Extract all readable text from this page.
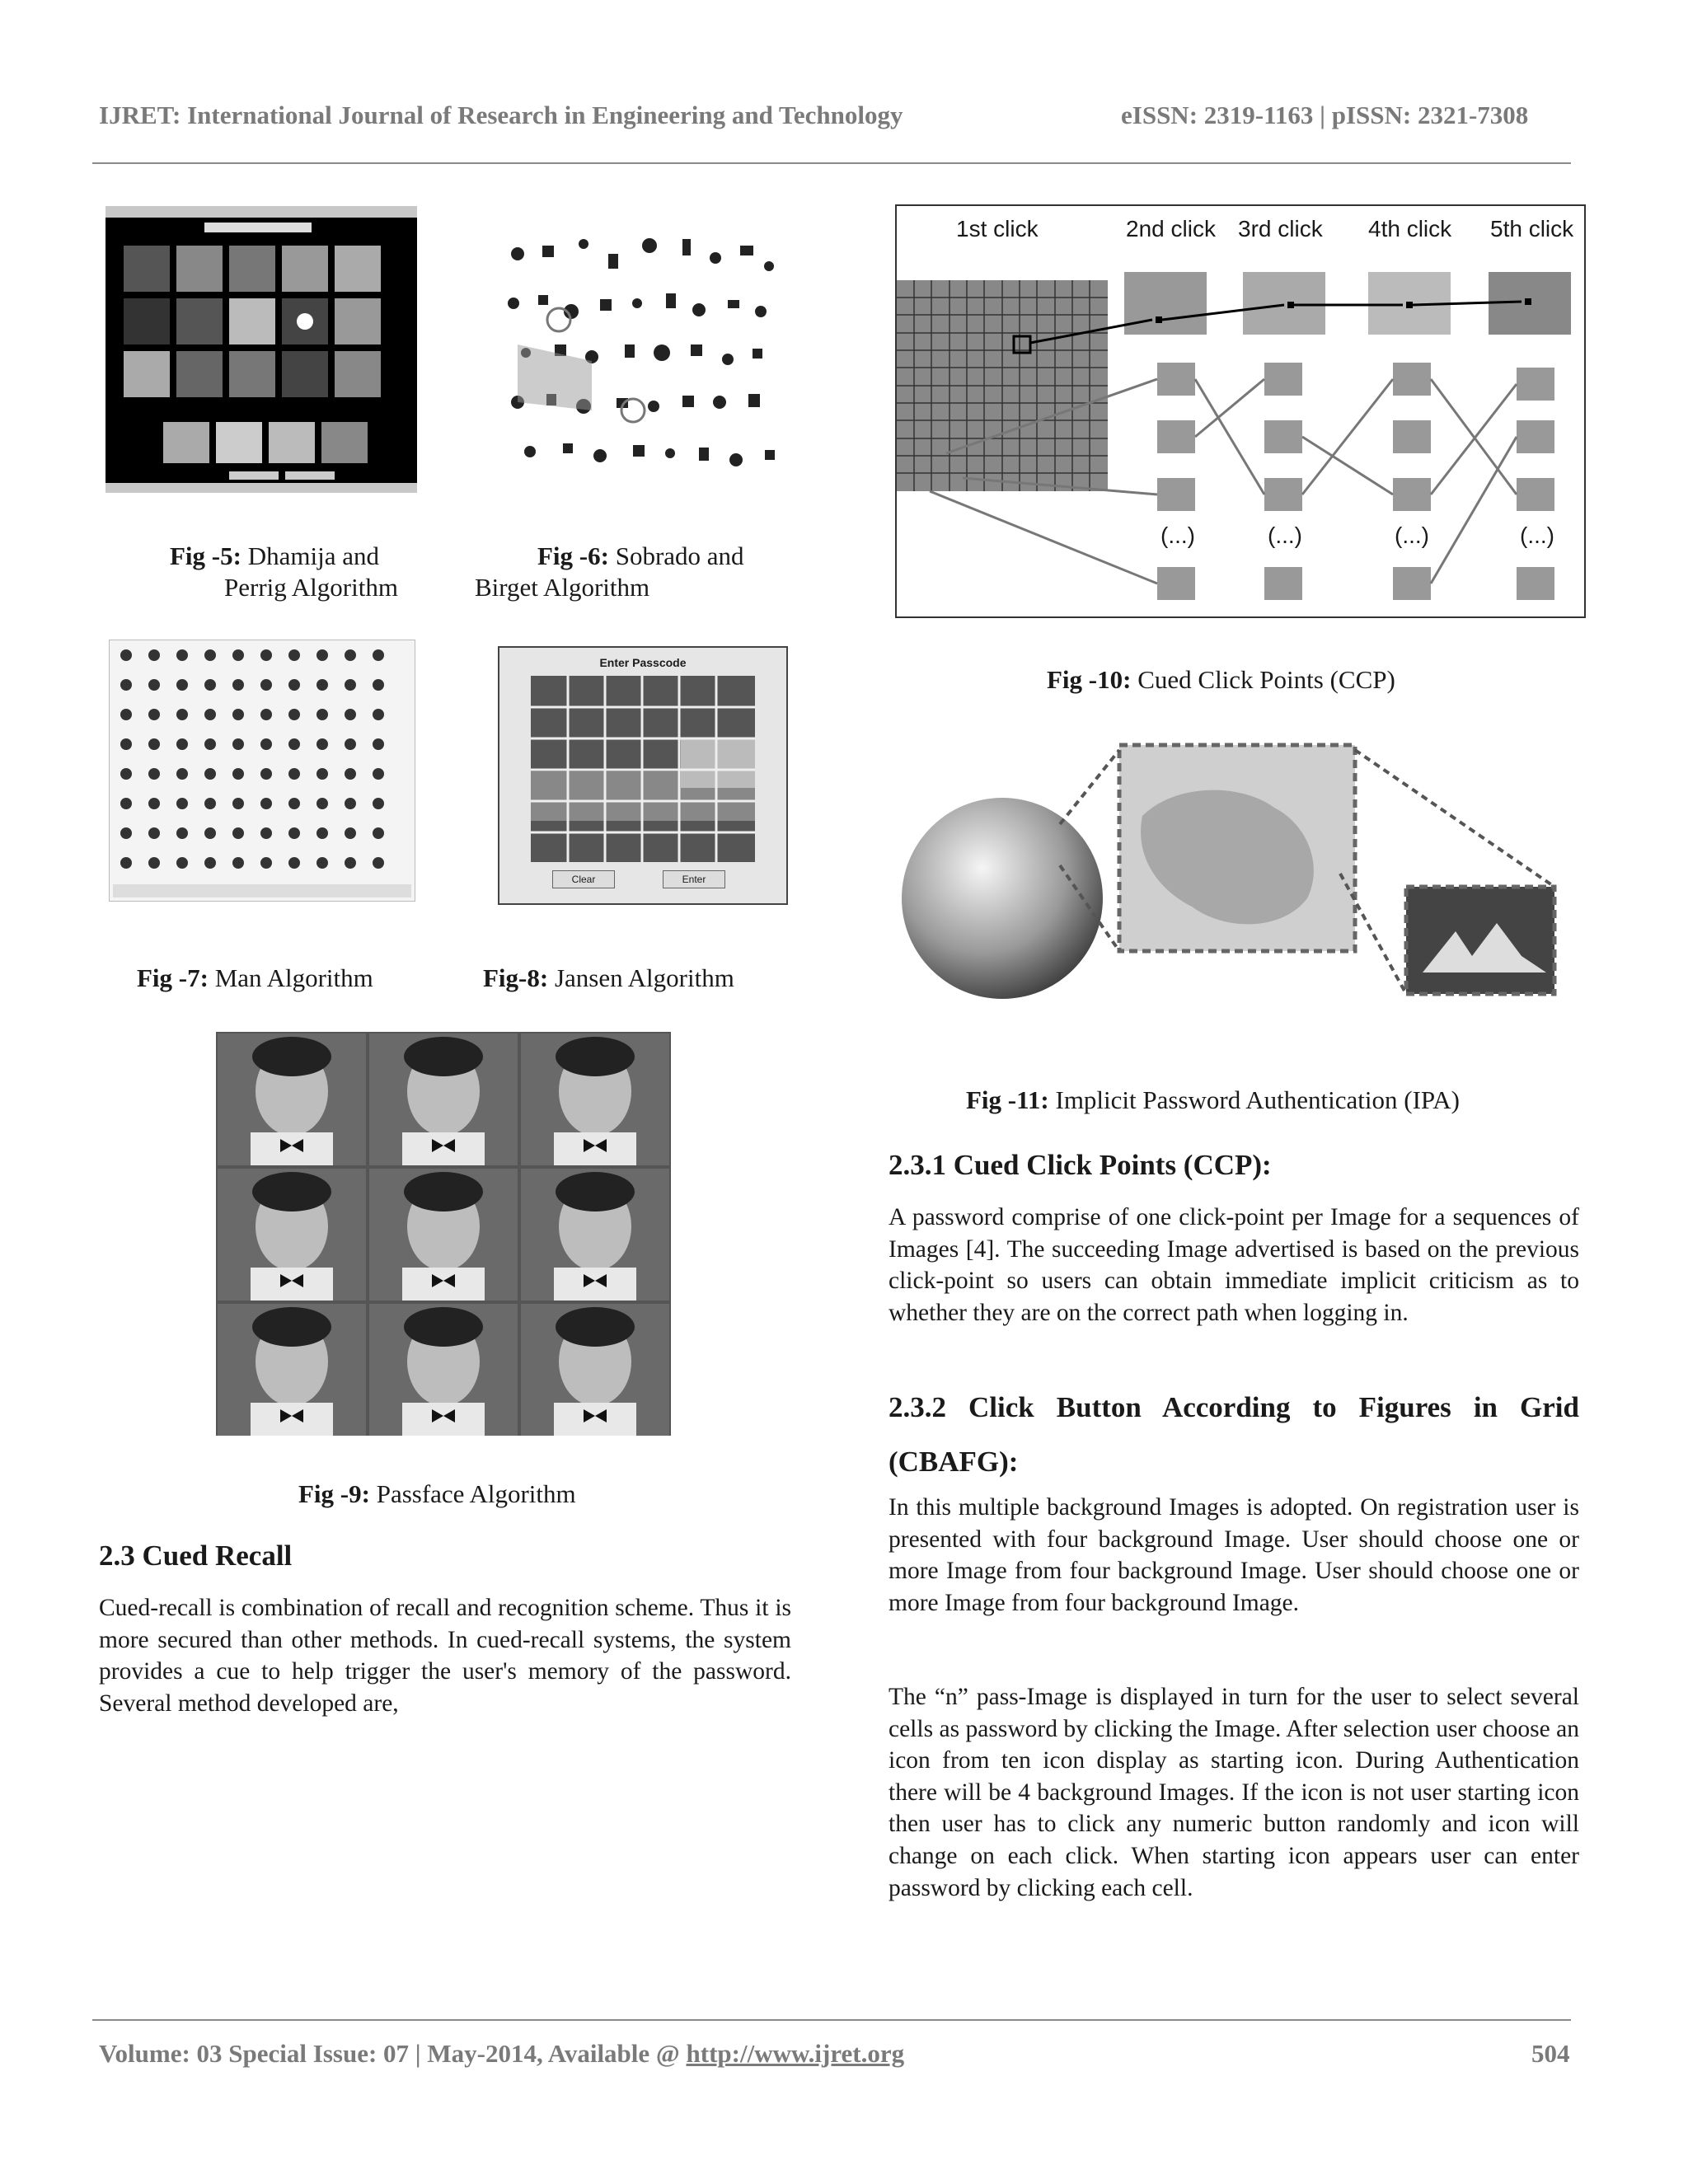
IJRET: International Journal of Research in Engineering and Technology	eISSN: 2319-1163 | pISSN: 2321-7308
Fig -5: Dhamija and
Perrig Algorithm
Fig -6: Sobrado and
Birget Algorithm
Enter Passcode
Clear	Enter
Fig -7: Man Algorithm	Fig-8: Jansen Algorithm
Fig -9: Passface Algorithm
2.3 Cued Recall
Cued-recall is combination of recall and recognition scheme. Thus it is more secured than other methods. In cued-recall systems, the system provides a cue to help trigger the user's memory of the password. Several method developed are,
1st click	2nd click 3rd click 4th click 5th click
(...)	(...)	(...)	(...)
Fig -10: Cued Click Points (CCP)
Fig -11: Implicit Password Authentication (IPA)
2.3.1 Cued Click Points (CCP):
A password comprise of one click-point per Image for a sequences of Images [4]. The succeeding Image advertised is based on the previous click-point so users can obtain immediate implicit criticism as to whether they are on the correct path when logging in.
2.3.2 Click Button According to Figures in Grid
(CBAFG):
In this multiple background Images is adopted. On registration user is presented with four background Image. User should choose one or more Image from four background Image. User should choose one or more Image from four background Image.
The “n” pass-Image is displayed in turn for the user to select several cells as password by clicking the Image. After selection user choose an icon from ten icon display as starting icon. During Authentication there will be 4 background Images. If the icon is not user starting icon then user has to click any numeric button randomly and icon will change on each click. When starting icon appears user can enter password by clicking each cell.
Volume: 03 Special Issue: 07 | May-2014, Available @ http://www.ijret.org	504
